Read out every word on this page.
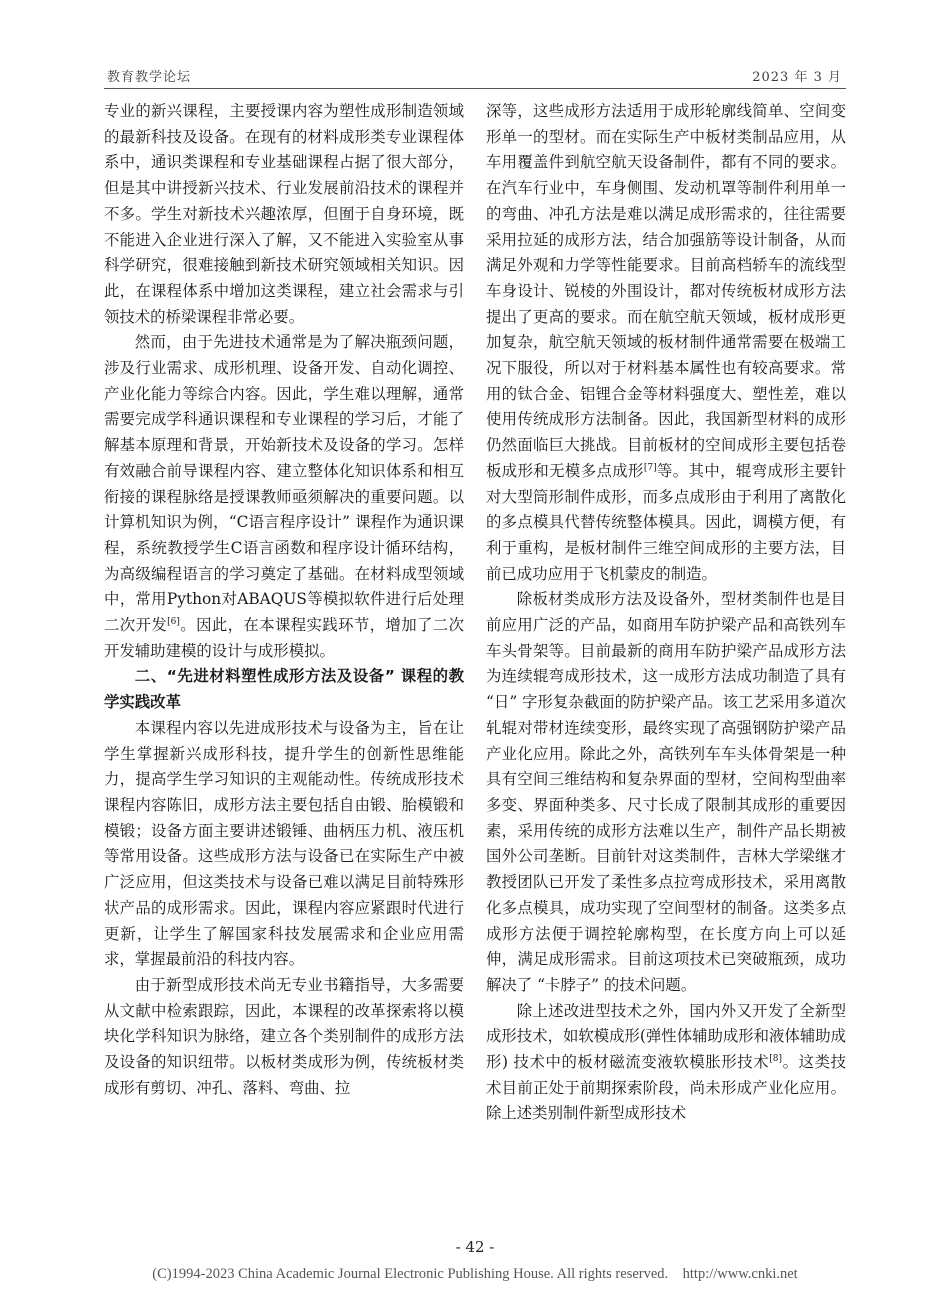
教育教学论坛	2023 年 3 月

专业的新兴课程，主要授课内容为塑性成形制造领域的最新科技及设备。在现有的材料成形类专业课程体系中，通识类课程和专业基础课程占据了很大部分，但是其中讲授新兴技术、行业发展前沿技术的课程并不多。学生对新技术兴趣浓厚，但囿于自身环境，既不能进入企业进行深入了解，又不能进入实验室从事科学研究，很难接触到新技术研究领域相关知识。因此，在课程体系中增加这类课程，建立社会需求与引领技术的桥梁课程非常必要。

然而，由于先进技术通常是为了解决瓶颈问题，涉及行业需求、成形机理、设备开发、自动化调控、产业化能力等综合内容。因此，学生难以理解，通常需要完成学科通识课程和专业课程的学习后，才能了解基本原理和背景，开始新技术及设备的学习。怎样有效融合前导课程内容、建立整体化知识体系和相互衔接的课程脉络是授课教师亟须解决的重要问题。以计算机知识为例，“C语言程序设计” 课程作为通识课程，系统教授学生C语言函数和程序设计循环结构，为高级编程语言的学习奠定了基础。在材料成型领域中，常用Python对ABAQUS等模拟软件进行后处理二次开发[6]。因此，在本课程实践环节，增加了二次开发辅助建模的设计与成形模拟。

二、“先进材料塑性成形方法及设备” 课程的教学实践改革

本课程内容以先进成形技术与设备为主，旨在让学生掌握新兴成形科技，提升学生的创新性思维能力，提高学生学习知识的主观能动性。传统成形技术课程内容陈旧，成形方法主要包括自由锻、胎模锻和模锻；设备方面主要讲述锻锤、曲柄压力机、液压机等常用设备。这些成形方法与设备已在实际生产中被广泛应用，但这类技术与设备已难以满足目前特殊形状产品的成形需求。因此，课程内容应紧跟时代进行更新，让学生了解国家科技发展需求和企业应用需求，掌握最前沿的科技内容。

由于新型成形技术尚无专业书籍指导，大多需要从文献中检索跟踪，因此，本课程的改革探索将以模块化学科知识为脉络，建立各个类别制件的成形方法及设备的知识纽带。以板材类成形为例，传统板材类成形有剪切、冲孔、落料、弯曲、拉

深等，这些成形方法适用于成形轮廓线简单、空间变形单一的型材。而在实际生产中板材类制品应用，从车用覆盖件到航空航天设备制件，都有不同的要求。在汽车行业中，车身侧围、发动机罩等制件利用单一的弯曲、冲孔方法是难以满足成形需求的，往往需要采用拉延的成形方法，结合加强筋等设计制备，从而满足外观和力学等性能要求。目前高档轿车的流线型车身设计、锐棱的外围设计，都对传统板材成形方法提出了更高的要求。而在航空航天领域，板材成形更加复杂，航空航天领域的板材制件通常需要在极端工况下服役，所以对于材料基本属性也有较高要求。常用的钛合金、铝锂合金等材料强度大、塑性差，难以使用传统成形方法制备。因此，我国新型材料的成形仍然面临巨大挑战。目前板材的空间成形主要包括卷板成形和无模多点成形[7]等。其中，辊弯成形主要针对大型筒形制件成形，而多点成形由于利用了离散化的多点模具代替传统整体模具。因此，调模方便，有利于重构，是板材制件三维空间成形的主要方法，目前已成功应用于飞机蒙皮的制造。

除板材类成形方法及设备外，型材类制件也是目前应用广泛的产品，如商用车防护梁产品和高铁列车车头骨架等。目前最新的商用车防护梁产品成形方法为连续辊弯成形技术，这一成形方法成功制造了具有 “日” 字形复杂截面的防护梁产品。该工艺采用多道次轧辊对带材连续变形，最终实现了高强钢防护梁产品产业化应用。除此之外，高铁列车车头体骨架是一种具有空间三维结构和复杂界面的型材，空间构型曲率多变、界面种类多、尺寸长成了限制其成形的重要因素，采用传统的成形方法难以生产，制件产品长期被国外公司垄断。目前针对这类制件，吉林大学梁继才教授团队已开发了柔性多点拉弯成形技术，采用离散化多点模具，成功实现了空间型材的制备。这类多点成形方法便于调控轮廓构型，在长度方向上可以延伸，满足成形需求。目前这项技术已突破瓶颈，成功解决了 “卡脖子” 的技术问题。

除上述改进型技术之外，国内外又开发了全新型成形技术，如软模成形(弹性体辅助成形和液体辅助成形) 技术中的板材磁流变液软模胀形技术[8]。这类技术目前正处于前期探索阶段，尚未形成产业化应用。除上述类别制件新型成形技术

- 42 -
(C)1994-2023 China Academic Journal Electronic Publishing House. All rights reserved.    http://www.cnki.net
